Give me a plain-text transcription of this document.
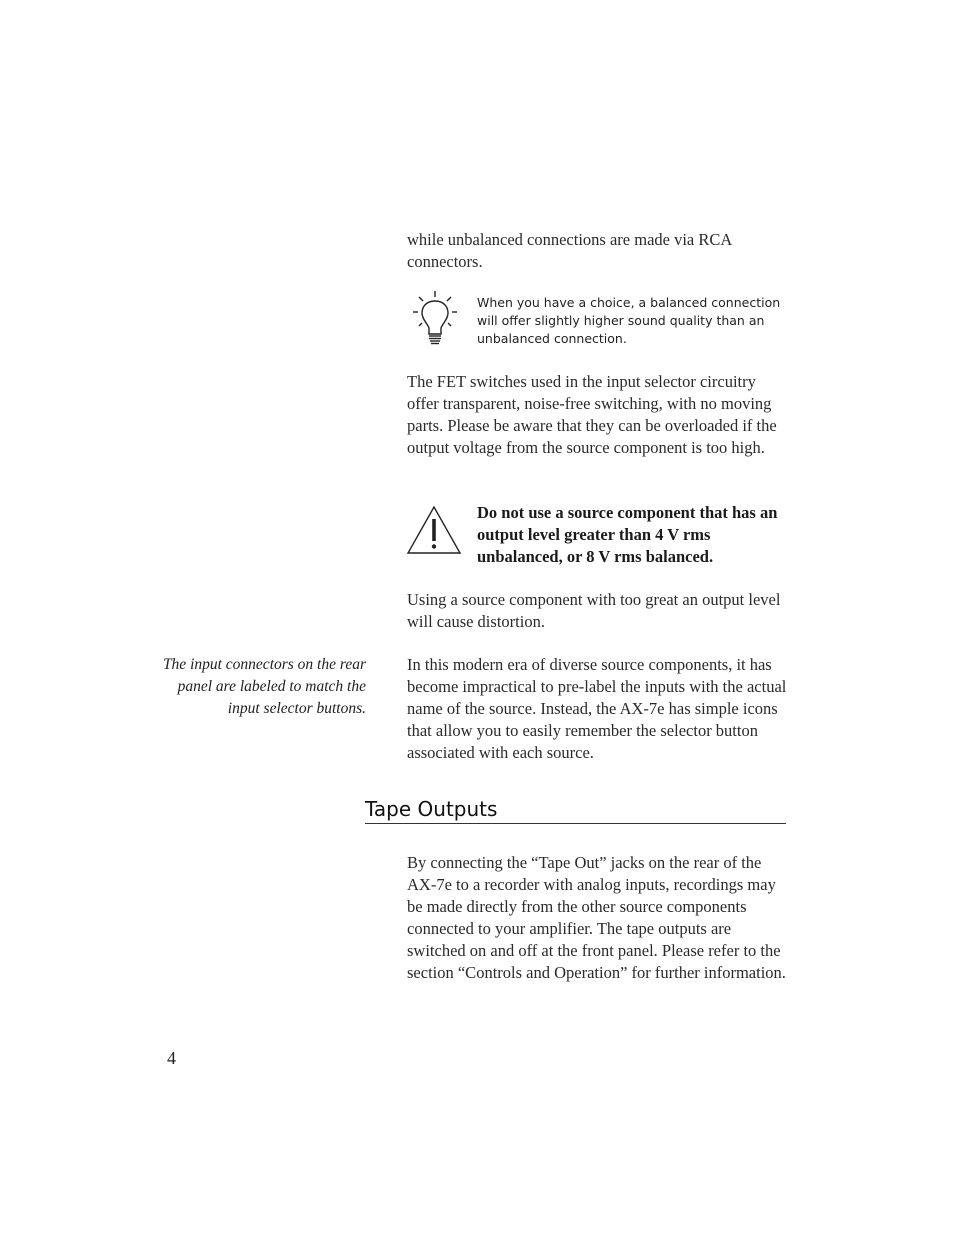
while unbalanced connections are made via RCA connectors.
When you have a choice, a balanced connection will offer slightly higher sound quality than an unbalanced connection.
The FET switches used in the input selector circuitry offer transparent, noise-free switching, with no moving parts. Please be aware that they can be overloaded if the output voltage from the source component is too high.
Do not use a source component that has an output level greater than 4 V rms unbalanced, or 8 V rms balanced.
Using a source component with too great an output level will cause distortion.
The input connectors on the rear panel are labeled to match the input selector buttons.
In this modern era of diverse source components, it has become impractical to pre-label the inputs with the actual name of the source. Instead, the AX-7e has simple icons that allow you to easily remember the selector button associated with each source.
Tape Outputs
By connecting the “Tape Out” jacks on the rear of the AX-7e to a recorder with analog inputs, recordings may be made directly from the other source components connected to your amplifier. The tape outputs are switched on and off at the front panel. Please refer to the section “Controls and Operation” for further information.
4
